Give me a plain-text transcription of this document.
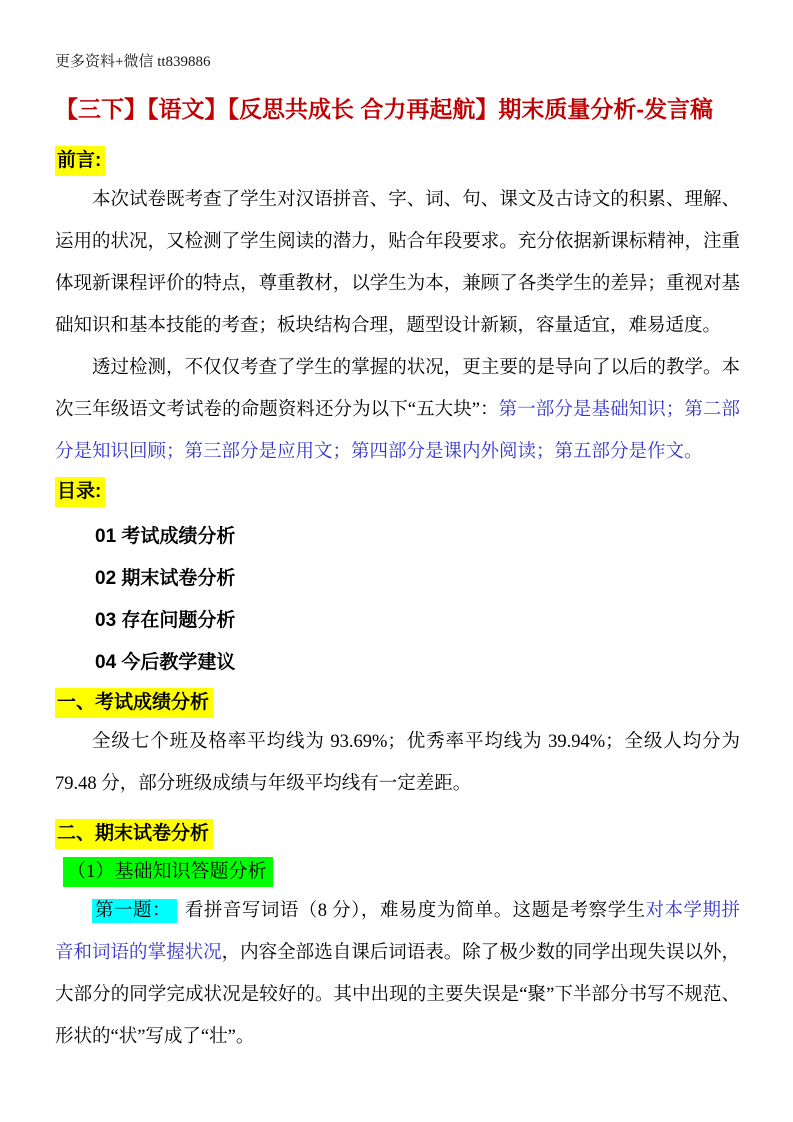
更多资料+微信 tt839886
【三下】【语文】【反思共成长 合力再起航】期末质量分析-发言稿
前言:
本次试卷既考查了学生对汉语拼音、字、词、句、课文及古诗文的积累、理解、运用的状况，又检测了学生阅读的潜力，贴合年段要求。充分依据新课标精神，注重体现新课程评价的特点，尊重教材，以学生为本，兼顾了各类学生的差异；重视对基础知识和基本技能的考查；板块结构合理，题型设计新颖，容量适宜，难易适度。
透过检测，不仅仅考查了学生的掌握的状况，更主要的是导向了以后的教学。本次三年级语文考试卷的命题资料还分为以下“五大块”：第一部分是基础知识；第二部分是知识回顾；第三部分是应用文；第四部分是课内外阅读；第五部分是作文。
目录:
01 考试成绩分析
02 期末试卷分析
03 存在问题分析
04 今后教学建议
一、考试成绩分析
全级七个班及格率平均线为 93.69%；优秀率平均线为 39.94%；全级人均分为 79.48 分，部分班级成绩与年级平均线有一定差距。
二、期末试卷分析
（1）基础知识答题分析
第一题： 看拼音写词语（8 分），难易度为简单。这题是考察学生对本学期拼音和词语的掌握状况，内容全部选自课后词语表。除了极少数的同学出现失误以外，大部分的同学完成状况是较好的。其中出现的主要失误是“聚”下半部分书写不规范、形状的“状”写成了“壮”。
